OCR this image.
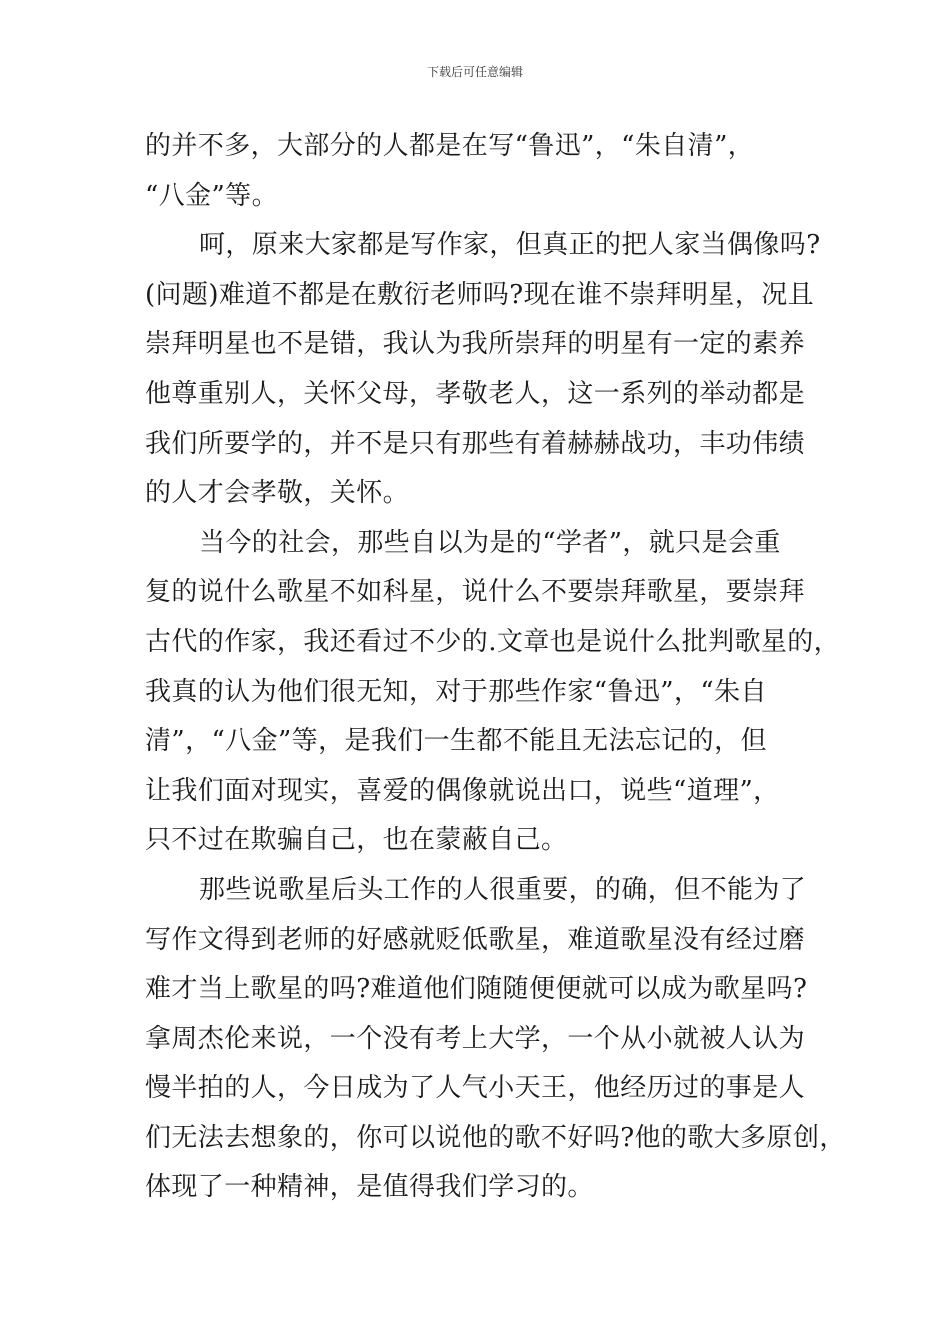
下载后可任意编辑
的并不多，大部分的人都是在写“鲁迅”，“朱自清”，
“八金”等。
呵，原来大家都是写作家，但真正的把人家当偶像吗?
(问题)难道不都是在敷衍老师吗?现在谁不崇拜明星，况且
崇拜明星也不是错，我认为我所崇拜的明星有一定的素养
他尊重别人，关怀父母，孝敬老人，这一系列的举动都是
我们所要学的，并不是只有那些有着赫赫战功，丰功伟绩
的人才会孝敬，关怀。
当今的社会，那些自以为是的“学者”，就只是会重
复的说什么歌星不如科星，说什么不要崇拜歌星，要崇拜
古代的作家，我还看过不少的.文章也是说什么批判歌星的，
我真的认为他们很无知，对于那些作家“鲁迅”，“朱自
清”，“八金”等，是我们一生都不能且无法忘记的，但
让我们面对现实，喜爱的偶像就说出口，说些“道理”，
只不过在欺骗自己，也在蒙蔽自己。
那些说歌星后头工作的人很重要，的确，但不能为了
写作文得到老师的好感就贬低歌星，难道歌星没有经过磨
难才当上歌星的吗?难道他们随随便便就可以成为歌星吗?
拿周杰伦来说，一个没有考上大学，一个从小就被人认为
慢半拍的人，今日成为了人气小天王，他经历过的事是人
们无法去想象的，你可以说他的歌不好吗?他的歌大多原创，
体现了一种精神，是值得我们学习的。
